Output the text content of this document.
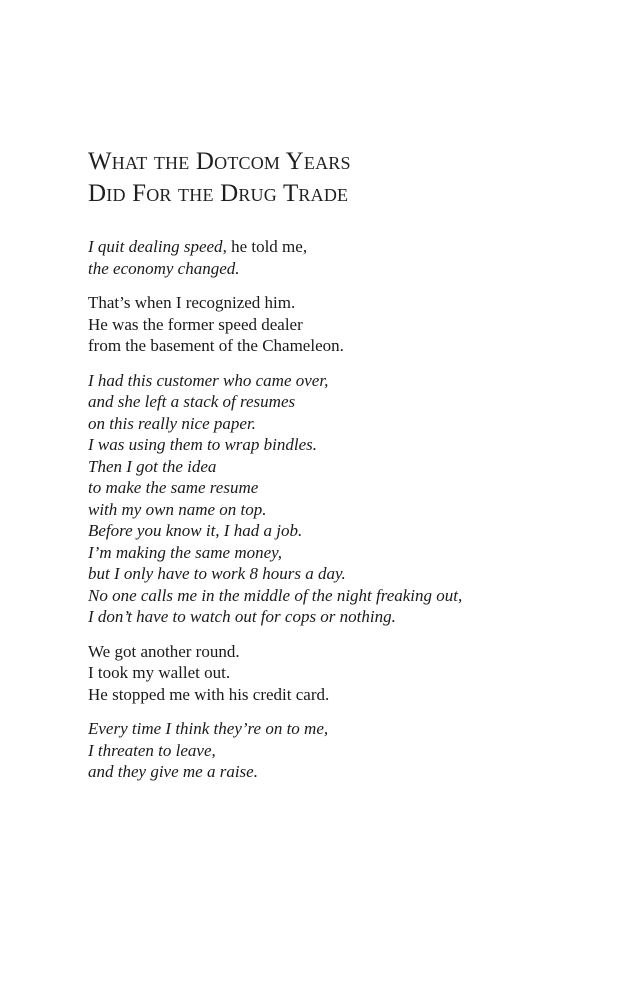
What the Dotcom Years
Did For the Drug Trade
I quit dealing speed, he told me,
the economy changed.
That’s when I recognized him.
He was the former speed dealer
from the basement of the Chameleon.
I had this customer who came over,
and she left a stack of resumes
on this really nice paper.
I was using them to wrap bindles.
Then I got the idea
to make the same resume
with my own name on top.
Before you know it, I had a job.
I’m making the same money,
but I only have to work 8 hours a day.
No one calls me in the middle of the night freaking out,
I don’t have to watch out for cops or nothing.
We got another round.
I took my wallet out.
He stopped me with his credit card.
Every time I think they’re on to me,
I threaten to leave,
and they give me a raise.
